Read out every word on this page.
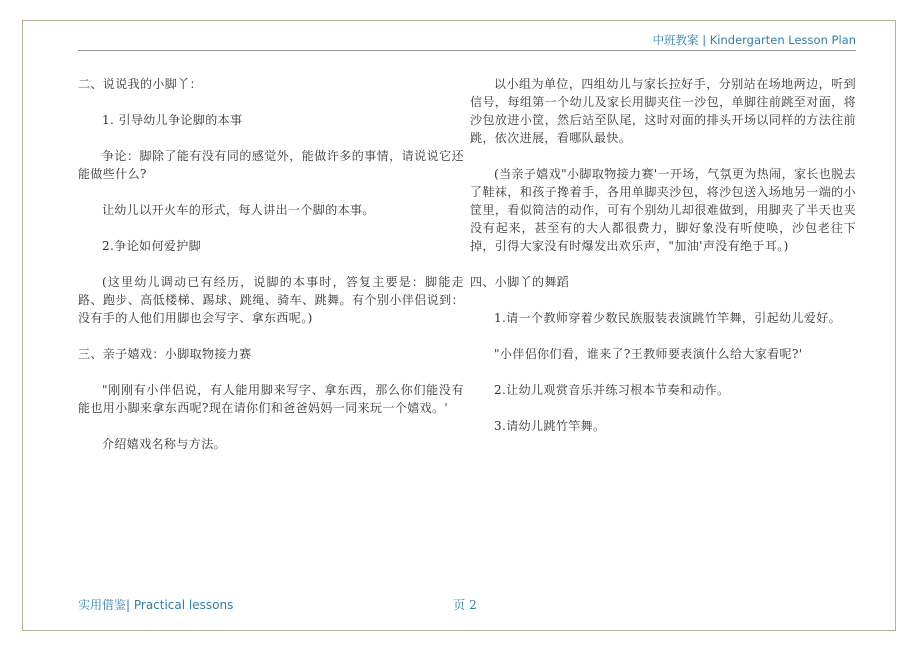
中班教案 | Kindergarten Lesson Plan

二、说说我的小脚丫：

1. 引导幼儿争论脚的本事

争论：脚除了能有没有同的感觉外，能做许多的事情，请说说它还能做些什么?

让幼儿以开火车的形式，每人讲出一个脚的本事。

2.争论如何爱护脚

(这里幼儿调动已有经历，说脚的本事时，答复主要是：脚能走路、跑步、高低楼梯、踢球、跳绳、骑车、跳舞。有个别小伴侣说到：没有手的人他们用脚也会写字、拿东西呢。)

三、亲子嬉戏：小脚取物接力赛

"刚刚有小伴侣说，有人能用脚来写字、拿东西，那么你们能没有能也用小脚来拿东西呢?现在请你们和爸爸妈妈一同来玩一个嬉戏。'

介绍嬉戏名称与方法。

以小组为单位，四组幼儿与家长拉好手，分别站在场地两边，听到信号，每组第一个幼儿及家长用脚夹住一沙包，单脚往前跳至对面，将沙包放进小筐，然后站至队尾，这时对面的排头开场以同样的方法往前跳，依次进展，看哪队最快。

(当亲子嬉戏"小脚取物接力赛'一开场，气氛更为热闹，家长也脱去了鞋袜，和孩子搀着手，各用单脚夹沙包，将沙包送入场地另一端的小筐里，看似简洁的动作，可有个别幼儿却很难做到，用脚夹了半天也夹没有起来，甚至有的大人都很费力，脚好象没有听使唤，沙包老往下掉，引得大家没有时爆发出欢乐声，"加油'声没有绝于耳。)

四、小脚丫的舞蹈

1.请一个教师穿着少数民族服装表演跳竹竿舞，引起幼儿爱好。

"小伴侣你们看，谁来了?王教师要表演什么给大家看呢?'

2.让幼儿观赏音乐并练习根本节奏和动作。

3.请幼儿跳竹竿舞。

实用借鉴| Practical lessons	页 2
